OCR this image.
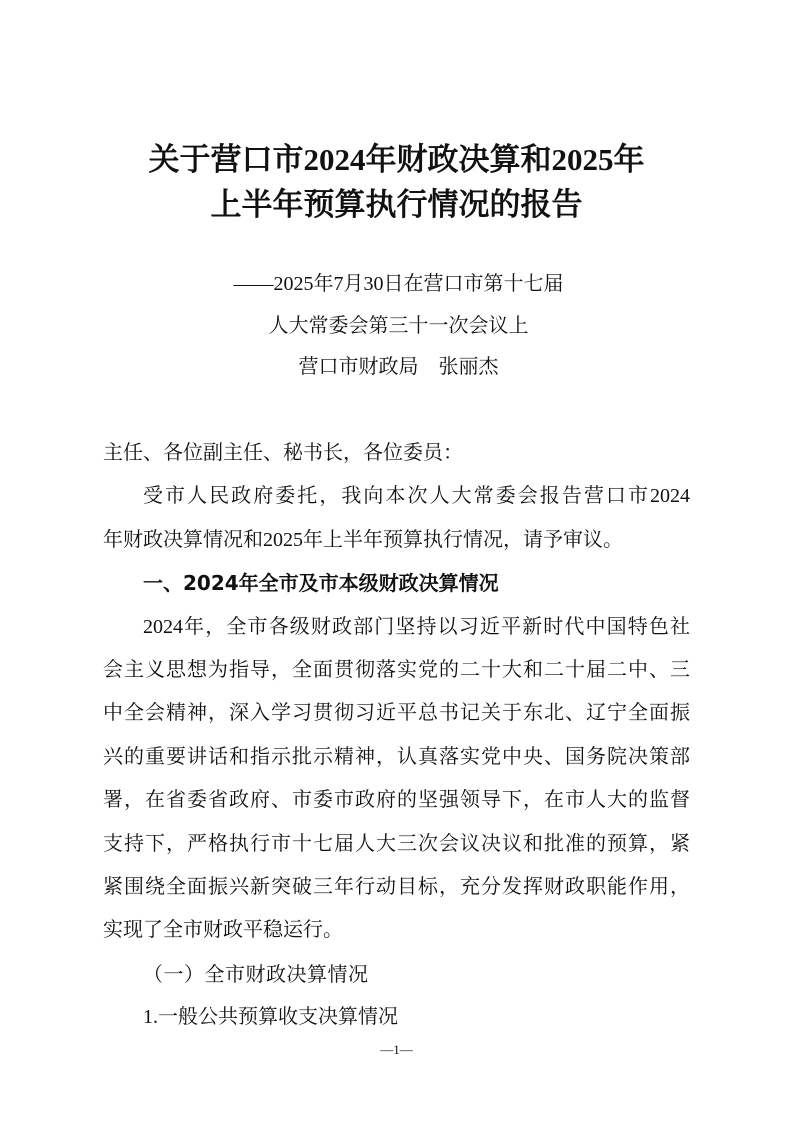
关于营口市2024年财政决算和2025年
上半年预算执行情况的报告
——2025年7月30日在营口市第十七届
人大常委会第三十一次会议上
营口市财政局　张丽杰
主任、各位副主任、秘书长，各位委员：
受市人民政府委托，我向本次人大常委会报告营口市2024
年财政决算情况和2025年上半年预算执行情况，请予审议。
一、2024年全市及市本级财政决算情况
2024年，全市各级财政部门坚持以习近平新时代中国特色社
会主义思想为指导，全面贯彻落实党的二十大和二十届二中、三
中全会精神，深入学习贯彻习近平总书记关于东北、辽宁全面振
兴的重要讲话和指示批示精神，认真落实党中央、国务院决策部
署，在省委省政府、市委市政府的坚强领导下，在市人大的监督
支持下，严格执行市十七届人大三次会议决议和批准的预算，紧
紧围绕全面振兴新突破三年行动目标，充分发挥财政职能作用，
实现了全市财政平稳运行。
（一）全市财政决算情况
1.一般公共预算收支决算情况
—1—
